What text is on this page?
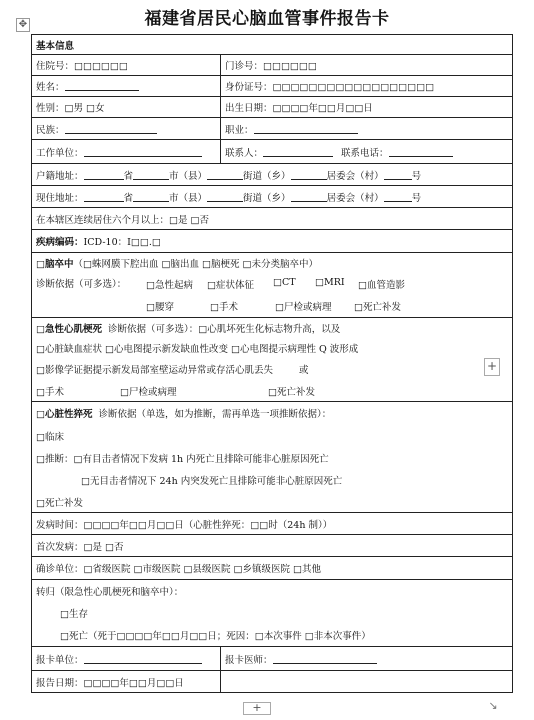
福建省居民心脑血管事件报告卡
✥
基本信息
住院号：□□□□□□	门诊号：□□□□□□
姓名：	身份证号：□□□□□□□□□□□□□□□□□□
性别：□男 □女	出生日期：□□□□年□□月□□日
民族：	职业：
工作单位：	联系人：	联系电话：
户籍地址：	省	市（县）	街道（乡）	居委会（村）	号
现住地址：	省	市（县）	街道（乡）	居委会（村）	号
在本辖区连续居住六个月以上：□是 □否
疾病编码： ICD-10：I□□.□
□脑卒中 （□蛛网膜下腔出血 □脑出血 □脑梗死 □未分类脑卒中）
诊断依据（可多选）： □急性起病 □症状体征 □CT □MRI □血管造影
□腰穿	□手术	□尸检或病理 □死亡补发
□急性心肌梗死 诊断依据（可多选）：□心肌坏死生化标志物升高，以及
□心脏缺血症状 □心电图提示新发缺血性改变 □心电图提示病理性 Q 波形成
□影像学证据提示新发局部室壁运动异常或存活心肌丢失	或
□手术	□尸检或病理	□死亡补发
□心脏性猝死 诊断依据（单选，如为推断，需再单选一项推断依据）：
□临床
□推断： □有目击者情况下发病 1h 内死亡且排除可能非心脏原因死亡
□无目击者情况下 24h 内突发死亡且排除可能非心脏原因死亡
□死亡补发
发病时间：□□□□年□□月□□日（心脏性猝死：□□时（24h 制））
首次发病：□是 □否
确诊单位：□省级医院 □市级医院 □县级医院 □乡镇级医院 □其他
转归（限急性心肌梗死和脑卒中）：
□生存
□死亡（死于□□□□年□□月□□日；死因：□本次事件 □非本次事件）
报卡单位：	报卡医师：
报告日期：□□□□年□□月□□日
+
+	↘
